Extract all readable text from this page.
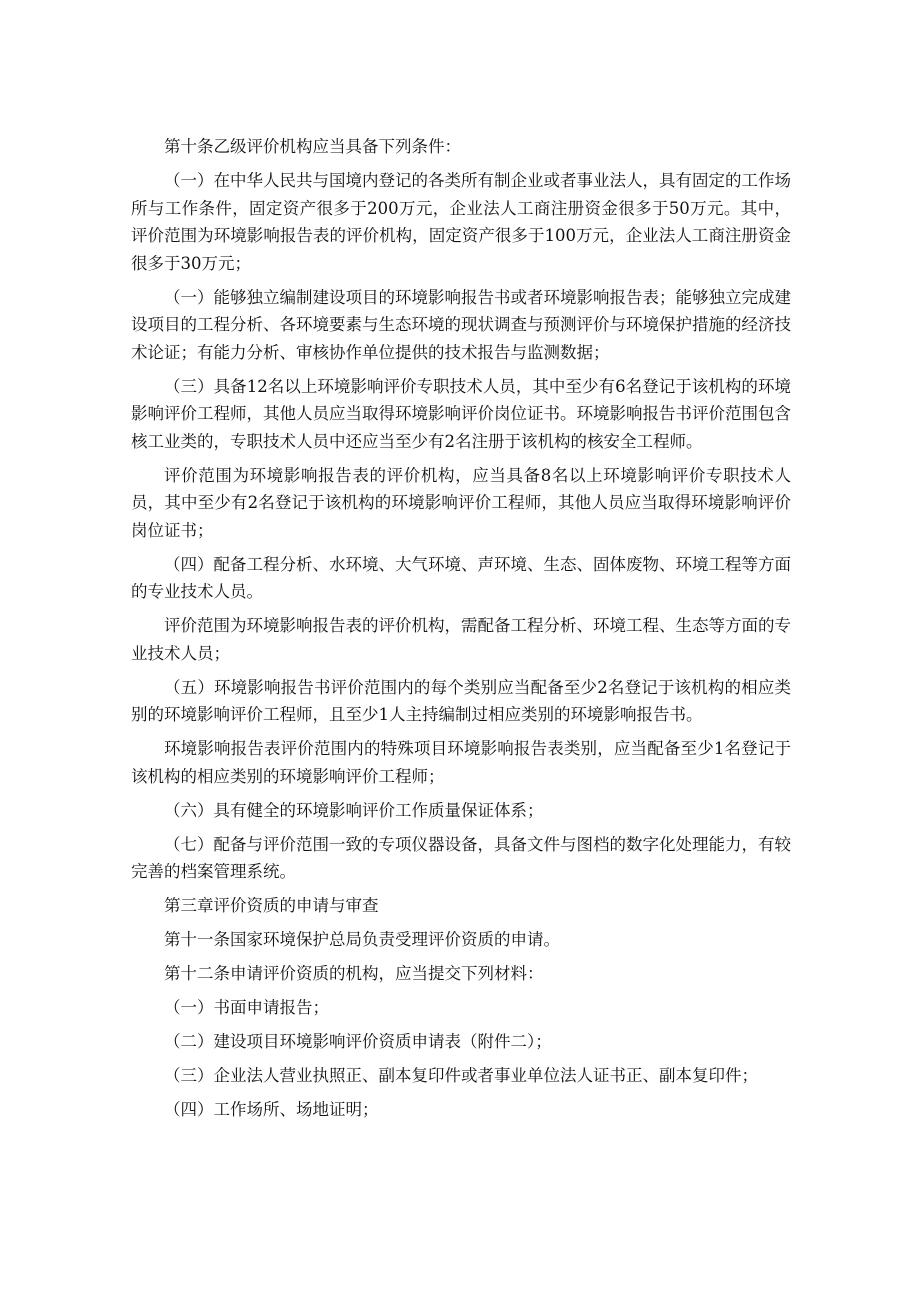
第十条乙级评价机构应当具备下列条件：

（一）在中华人民共与国境内登记的各类所有制企业或者事业法人，具有固定的工作场所与工作条件，固定资产很多于200万元，企业法人工商注册资金很多于50万元。其中，评价范围为环境影响报告表的评价机构，固定资产很多于100万元，企业法人工商注册资金很多于30万元；

（一）能够独立编制建设项目的环境影响报告书或者环境影响报告表；能够独立完成建设项目的工程分析、各环境要素与生态环境的现状调查与预测评价与环境保护措施的经济技术论证；有能力分析、审核协作单位提供的技术报告与监测数据；

（三）具备12名以上环境影响评价专职技术人员，其中至少有6名登记于该机构的环境影响评价工程师，其他人员应当取得环境影响评价岗位证书。环境影响报告书评价范围包含核工业类的，专职技术人员中还应当至少有2名注册于该机构的核安全工程师。

评价范围为环境影响报告表的评价机构，应当具备8名以上环境影响评价专职技术人员，其中至少有2名登记于该机构的环境影响评价工程师，其他人员应当取得环境影响评价岗位证书；

（四）配备工程分析、水环境、大气环境、声环境、生态、固体废物、环境工程等方面的专业技术人员。

评价范围为环境影响报告表的评价机构，需配备工程分析、环境工程、生态等方面的专业技术人员；

（五）环境影响报告书评价范围内的每个类别应当配备至少2名登记于该机构的相应类别的环境影响评价工程师，且至少1人主持编制过相应类别的环境影响报告书。

环境影响报告表评价范围内的特殊项目环境影响报告表类别，应当配备至少1名登记于该机构的相应类别的环境影响评价工程师；

（六）具有健全的环境影响评价工作质量保证体系；

（七）配备与评价范围一致的专项仪器设备，具备文件与图档的数字化处理能力，有较完善的档案管理系统。

第三章评价资质的申请与审查

第十一条国家环境保护总局负责受理评价资质的申请。

第十二条申请评价资质的机构，应当提交下列材料：

（一）书面申请报告；

（二）建设项目环境影响评价资质申请表（附件二）；

（三）企业法人营业执照正、副本复印件或者事业单位法人证书正、副本复印件；

（四）工作场所、场地证明；
